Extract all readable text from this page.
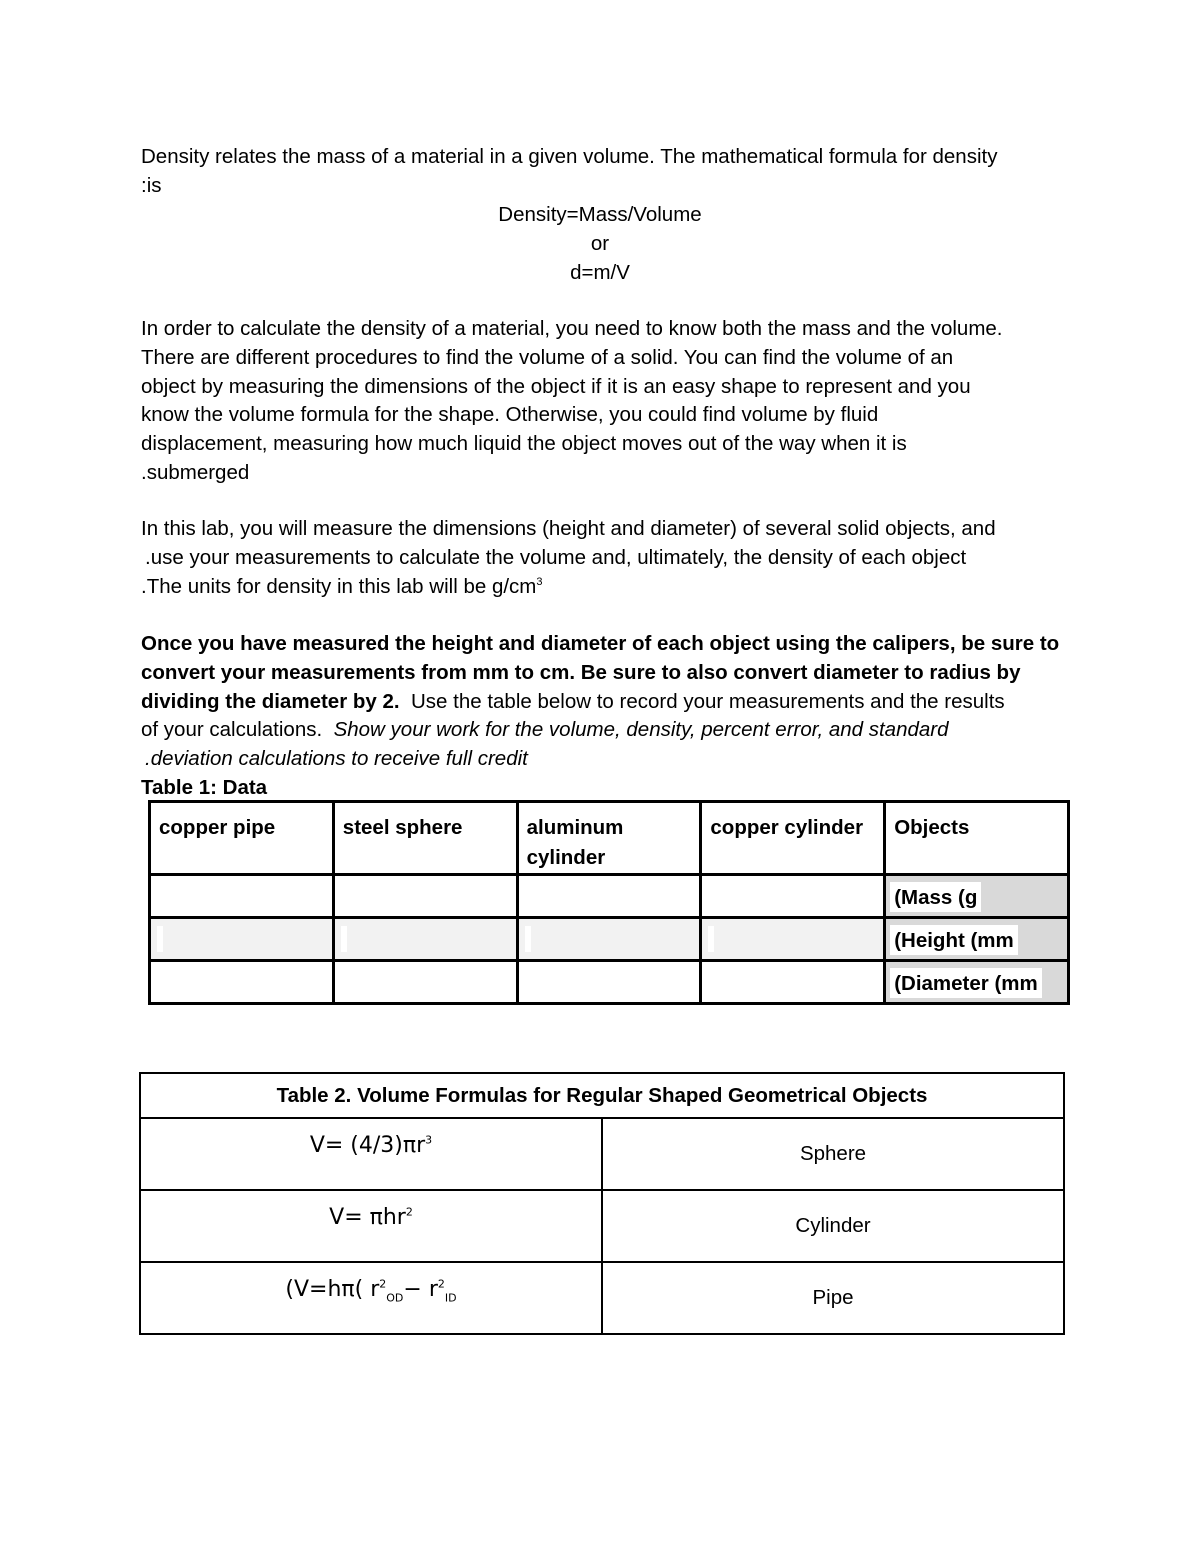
Density relates the mass of a material in a given volume. The mathematical formula for density
:is
Density=Mass/Volume
or
d=m/V
In order to calculate the density of a material, you need to know both the mass and the volume.
There are different procedures to find the volume of a solid. You can find the volume of an
object by measuring the dimensions of the object if it is an easy shape to represent and you
know the volume formula for the shape. Otherwise, you could find volume by fluid
displacement, measuring how much liquid the object moves out of the way when it is
.submerged
In this lab, you will measure the dimensions (height and diameter) of several solid objects, and
.use your measurements to calculate the volume and, ultimately, the density of each object
.The units for density in this lab will be $g/cm^3$
Once you have measured the height and diameter of each object using the calipers, be sure to
convert your measurements from mm to cm. Be sure to also convert diameter to radius by
dividing the diameter by 2.  Use the table below to record your measurements and the results
of your calculations.  Show your work for the volume, density, percent error, and standard
.deviation calculations to receive full credit
Table 1: Data
copper pipe	steel sphere	aluminum cylinder	copper cylinder	Objects

				(Mass (g
				(Height (mm
				(Diameter (mm
Table 2. Volume Formulas for Regular Shaped Geometrical Objects	

$V= (4/3)\pi r^3$	Sphere

V= πhr$^2$	Cylinder

(V=hπ( $r^2_{OD}- r^2_{ID}$	Pipe
